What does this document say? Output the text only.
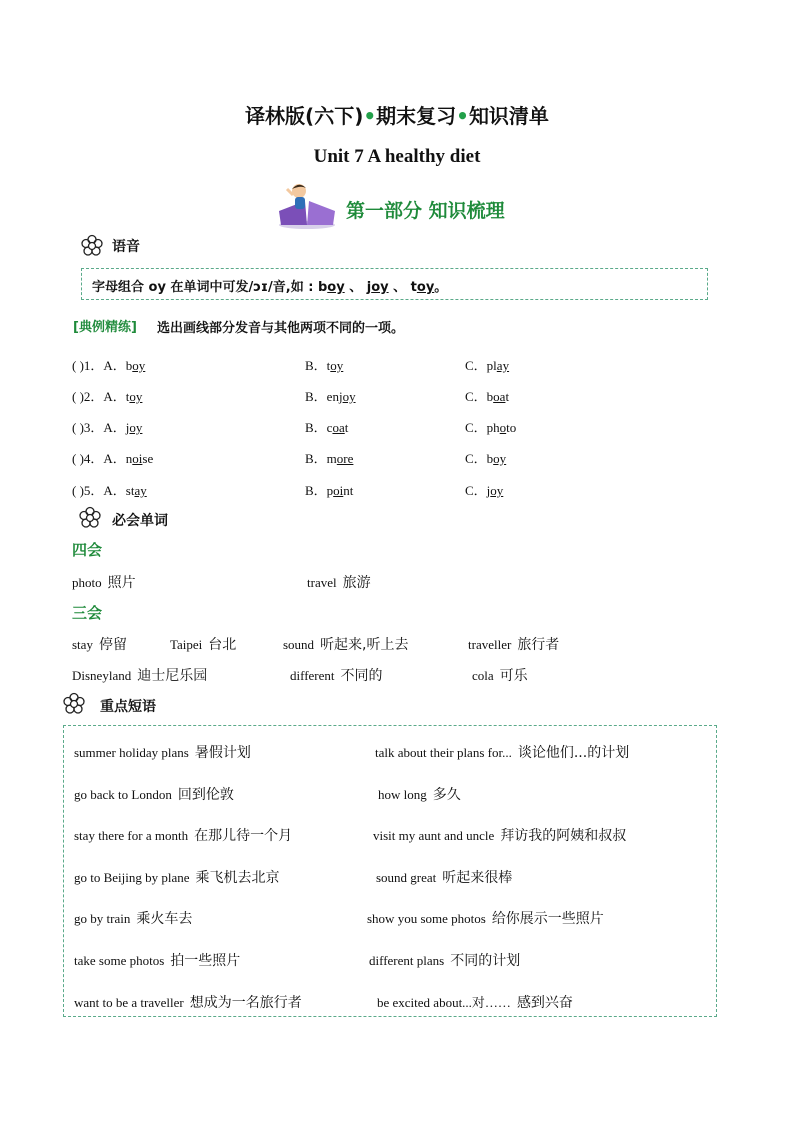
译林版(六下)•期末复习•知识清单
Unit 7 A healthy diet
第一部分 知识梳理
语音
字母组合 oy 在单词中可发/ɔɪ/音,如 : boy 、 joy 、 toy。
[典例精练] 选出画线部分发音与其他两项不同的一项。
( )1．A．boy	B．toy	C．play
( )2．A．toy	B．enjoy	C．boat
( )3．A．joy	B．coat	C．photo
( )4．A．noise	B．more	C．boy
( )5．A．stay	B．point	C．joy
必会单词
四会
photo 照片	travel 旅游
三会
stay 停留	Taipei 台北	sound 听起来,听上去	traveller 旅行者
Disneyland 迪士尼乐园	different 不同的	cola 可乐
重点短语
summer holiday plans 暑假计划	talk about their plans for... 谈论他们...的计划
go back to London 回到伦敦	how long 多久
stay there for a month 在那儿待一个月	visit my aunt and uncle 拜访我的阿姨和叔叔
go to Beijing by plane 乘飞机去北京	sound great 听起来很棒
go by train 乘火车去	show you some photos 给你展示一些照片
take some photos 拍一些照片	different plans 不同的计划
want to be a traveller 想成为一名旅行者	be excited about...对…… 感到兴奋
